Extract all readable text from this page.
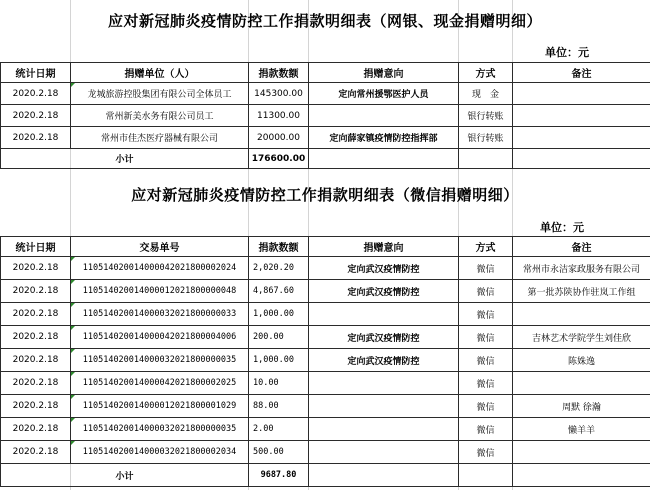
应对新冠肺炎疫情防控工作捐款明细表（网银、现金捐赠明细）
单位：元
统计日期	捐赠单位（人）	捐款数额	捐赠意向	方式	备注
2020.2.18	龙城旅游控股集团有限公司全体员工	145300.00	定向常州援鄂医护人员	现　金	
2020.2.18	常州新美水务有限公司员工	11300.00		银行转账	
2020.2.18	常州市佳杰医疗器械有限公司	20000.00	定向薛家镇疫情防控指挥部	银行转账	
小计		176600.00			
应对新冠肺炎疫情防控工作捐款明细表（微信捐赠明细）
单位：元
统计日期	交易单号	捐款数额	捐赠意向	方式	备注
2020.2.18	110514020014000042021800002024	2,020.20	定向武汉疫情防控	微信	常州市永洁家政服务有限公司
2020.2.18	110514020014000012021800000048	4,867.60	定向武汉疫情防控	微信	第一批苏陕协作驻岚工作组
2020.2.18	110514020014000032021800000033	1,000.00		微信	
2020.2.18	110514020014000042021800004006	200.00	定向武汉疫情防控	微信	吉林艺术学院学生刘佳欣
2020.2.18	110514020014000032021800000035	1,000.00	定向武汉疫情防控	微信	陈姝逸
2020.2.18	110514020014000042021800002025	10.00		微信	
2020.2.18	110514020014000012021800001029	88.00		微信	周默 徐瀚
2020.2.18	110514020014000032021800000035	2.00		微信	懒羊羊
2020.2.18	110514020014000032021800002034	500.00		微信	
小计		9687.80			
